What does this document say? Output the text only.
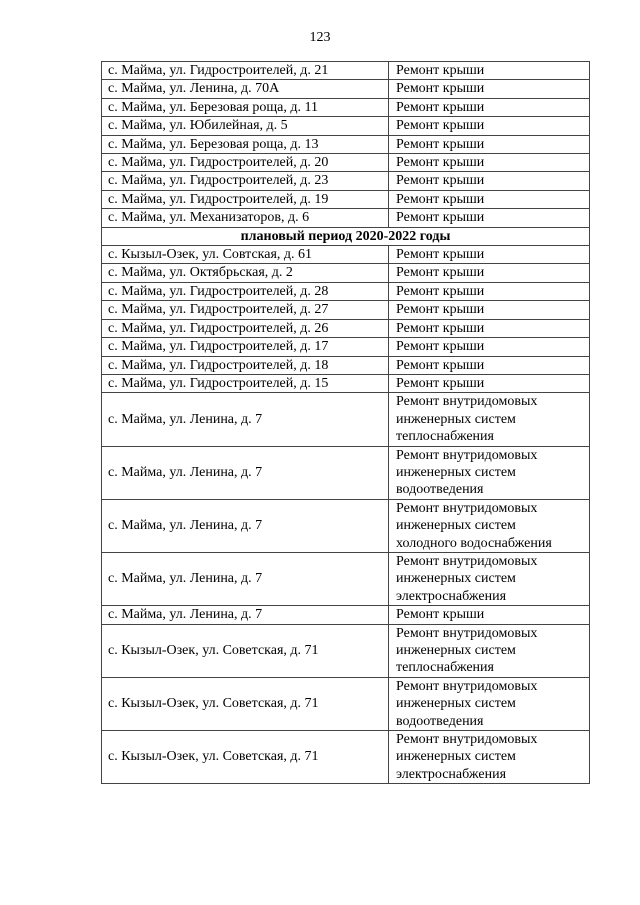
123
с. Майма, ул. Гидростроителей, д. 21	Ремонт крыши
с. Майма, ул. Ленина, д. 70А	Ремонт крыши
с. Майма, ул. Березовая роща, д. 11	Ремонт крыши
с. Майма, ул. Юбилейная, д. 5	Ремонт крыши
с. Майма, ул. Березовая роща, д. 13	Ремонт крыши
с. Майма, ул. Гидростроителей, д. 20	Ремонт крыши
с. Майма, ул. Гидростроителей, д. 23	Ремонт крыши
с. Майма, ул. Гидростроителей, д. 19	Ремонт крыши
с. Майма, ул. Механизаторов, д. 6	Ремонт крыши
плановый период 2020-2022 годы	
с. Кызыл-Озек, ул. Совтская, д. 61	Ремонт крыши
с. Майма, ул. Октябрьская, д. 2	Ремонт крыши
с. Майма, ул. Гидростроителей, д. 28	Ремонт крыши
с. Майма, ул. Гидростроителей, д. 27	Ремонт крыши
с. Майма, ул. Гидростроителей, д. 26	Ремонт крыши
с. Майма, ул. Гидростроителей, д. 17	Ремонт крыши
с. Майма, ул. Гидростроителей, д. 18	Ремонт крыши
с. Майма, ул. Гидростроителей, д. 15	Ремонт крыши
с. Майма, ул. Ленина, д. 7	Ремонт внутридомовых
инженерных систем
теплоснабжения
с. Майма, ул. Ленина, д. 7	Ремонт внутридомовых
инженерных систем
водоотведения
с. Майма, ул. Ленина, д. 7	Ремонт внутридомовых
инженерных систем
холодного водоснабжения
с. Майма, ул. Ленина, д. 7	Ремонт внутридомовых
инженерных систем
электроснабжения
с. Майма, ул. Ленина, д. 7	Ремонт крыши
с. Кызыл-Озек, ул. Советская, д. 71	Ремонт внутридомовых
инженерных систем
теплоснабжения
с. Кызыл-Озек, ул. Советская, д. 71	Ремонт внутридомовых
инженерных систем
водоотведения
с. Кызыл-Озек, ул. Советская, д. 71	Ремонт внутридомовых
инженерных систем
электроснабжения
